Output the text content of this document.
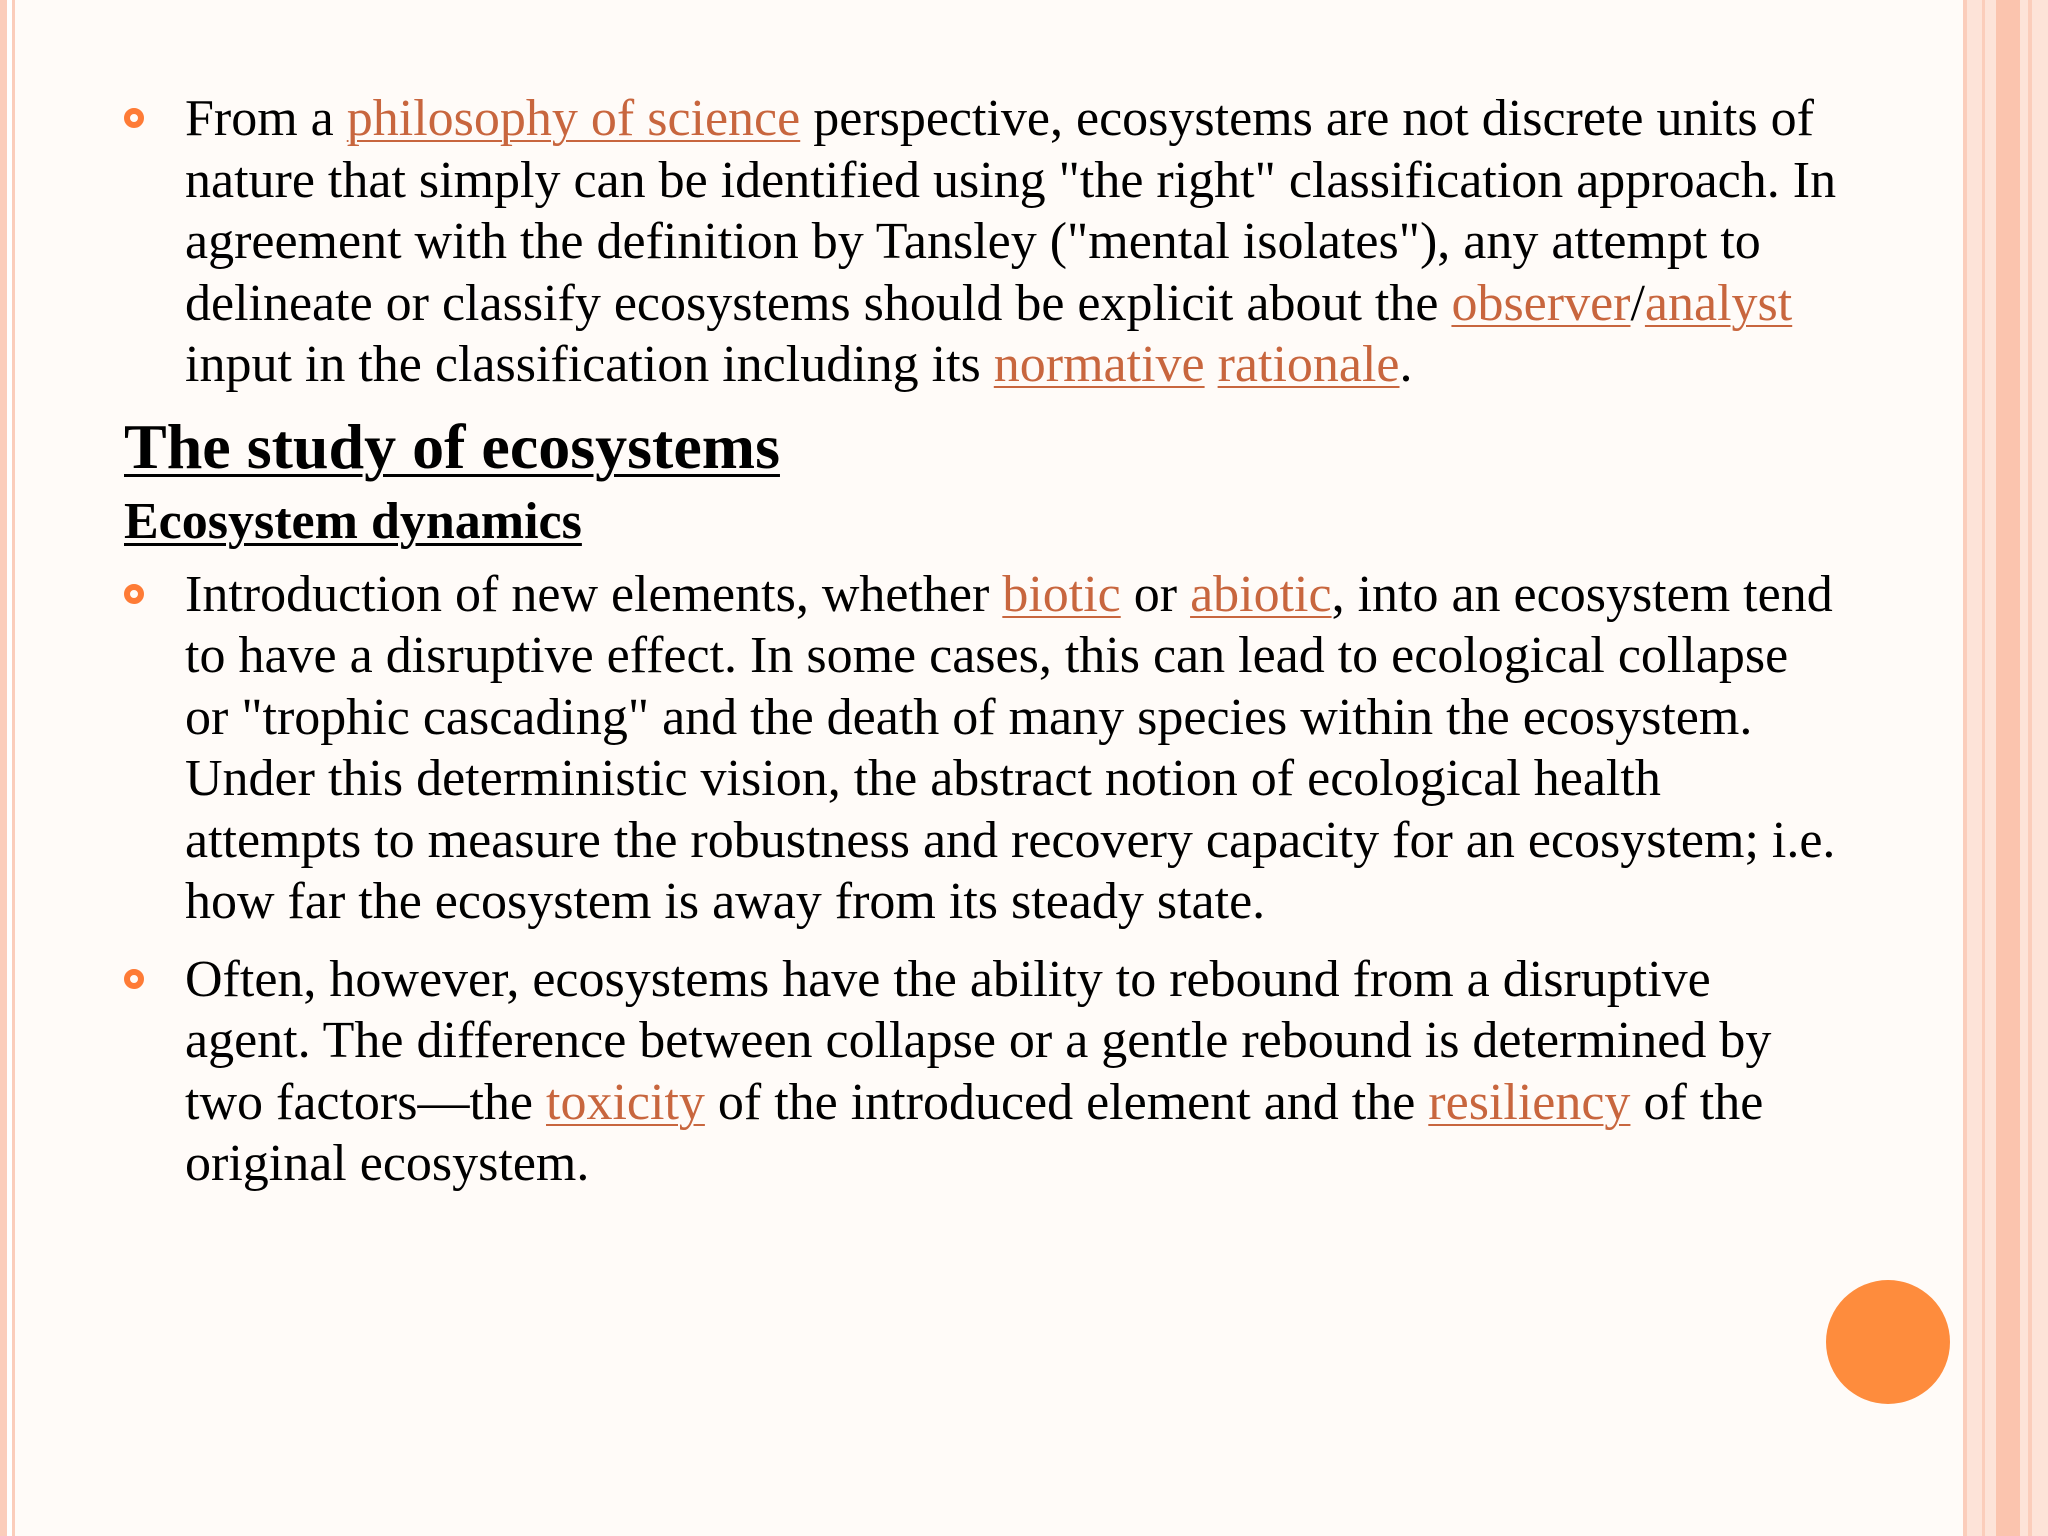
From a philosophy of science perspective, ecosystems are not discrete units of nature that simply can be identified using "the right" classification approach. In agreement with the definition by Tansley ("mental isolates"), any attempt to delineate or classify ecosystems should be explicit about the observer/analyst input in the classification including its normative rationale.

The study of ecosystems
Ecosystem dynamics

Introduction of new elements, whether biotic or abiotic, into an ecosystem tend to have a disruptive effect. In some cases, this can lead to ecological collapse or "trophic cascading" and the death of many species within the ecosystem. Under this deterministic vision, the abstract notion of ecological health attempts to measure the robustness and recovery capacity for an ecosystem; i.e. how far the ecosystem is away from its steady state.

Often, however, ecosystems have the ability to rebound from a disruptive agent. The difference between collapse or a gentle rebound is determined by two factors—the toxicity of the introduced element and the resiliency of the original ecosystem.
